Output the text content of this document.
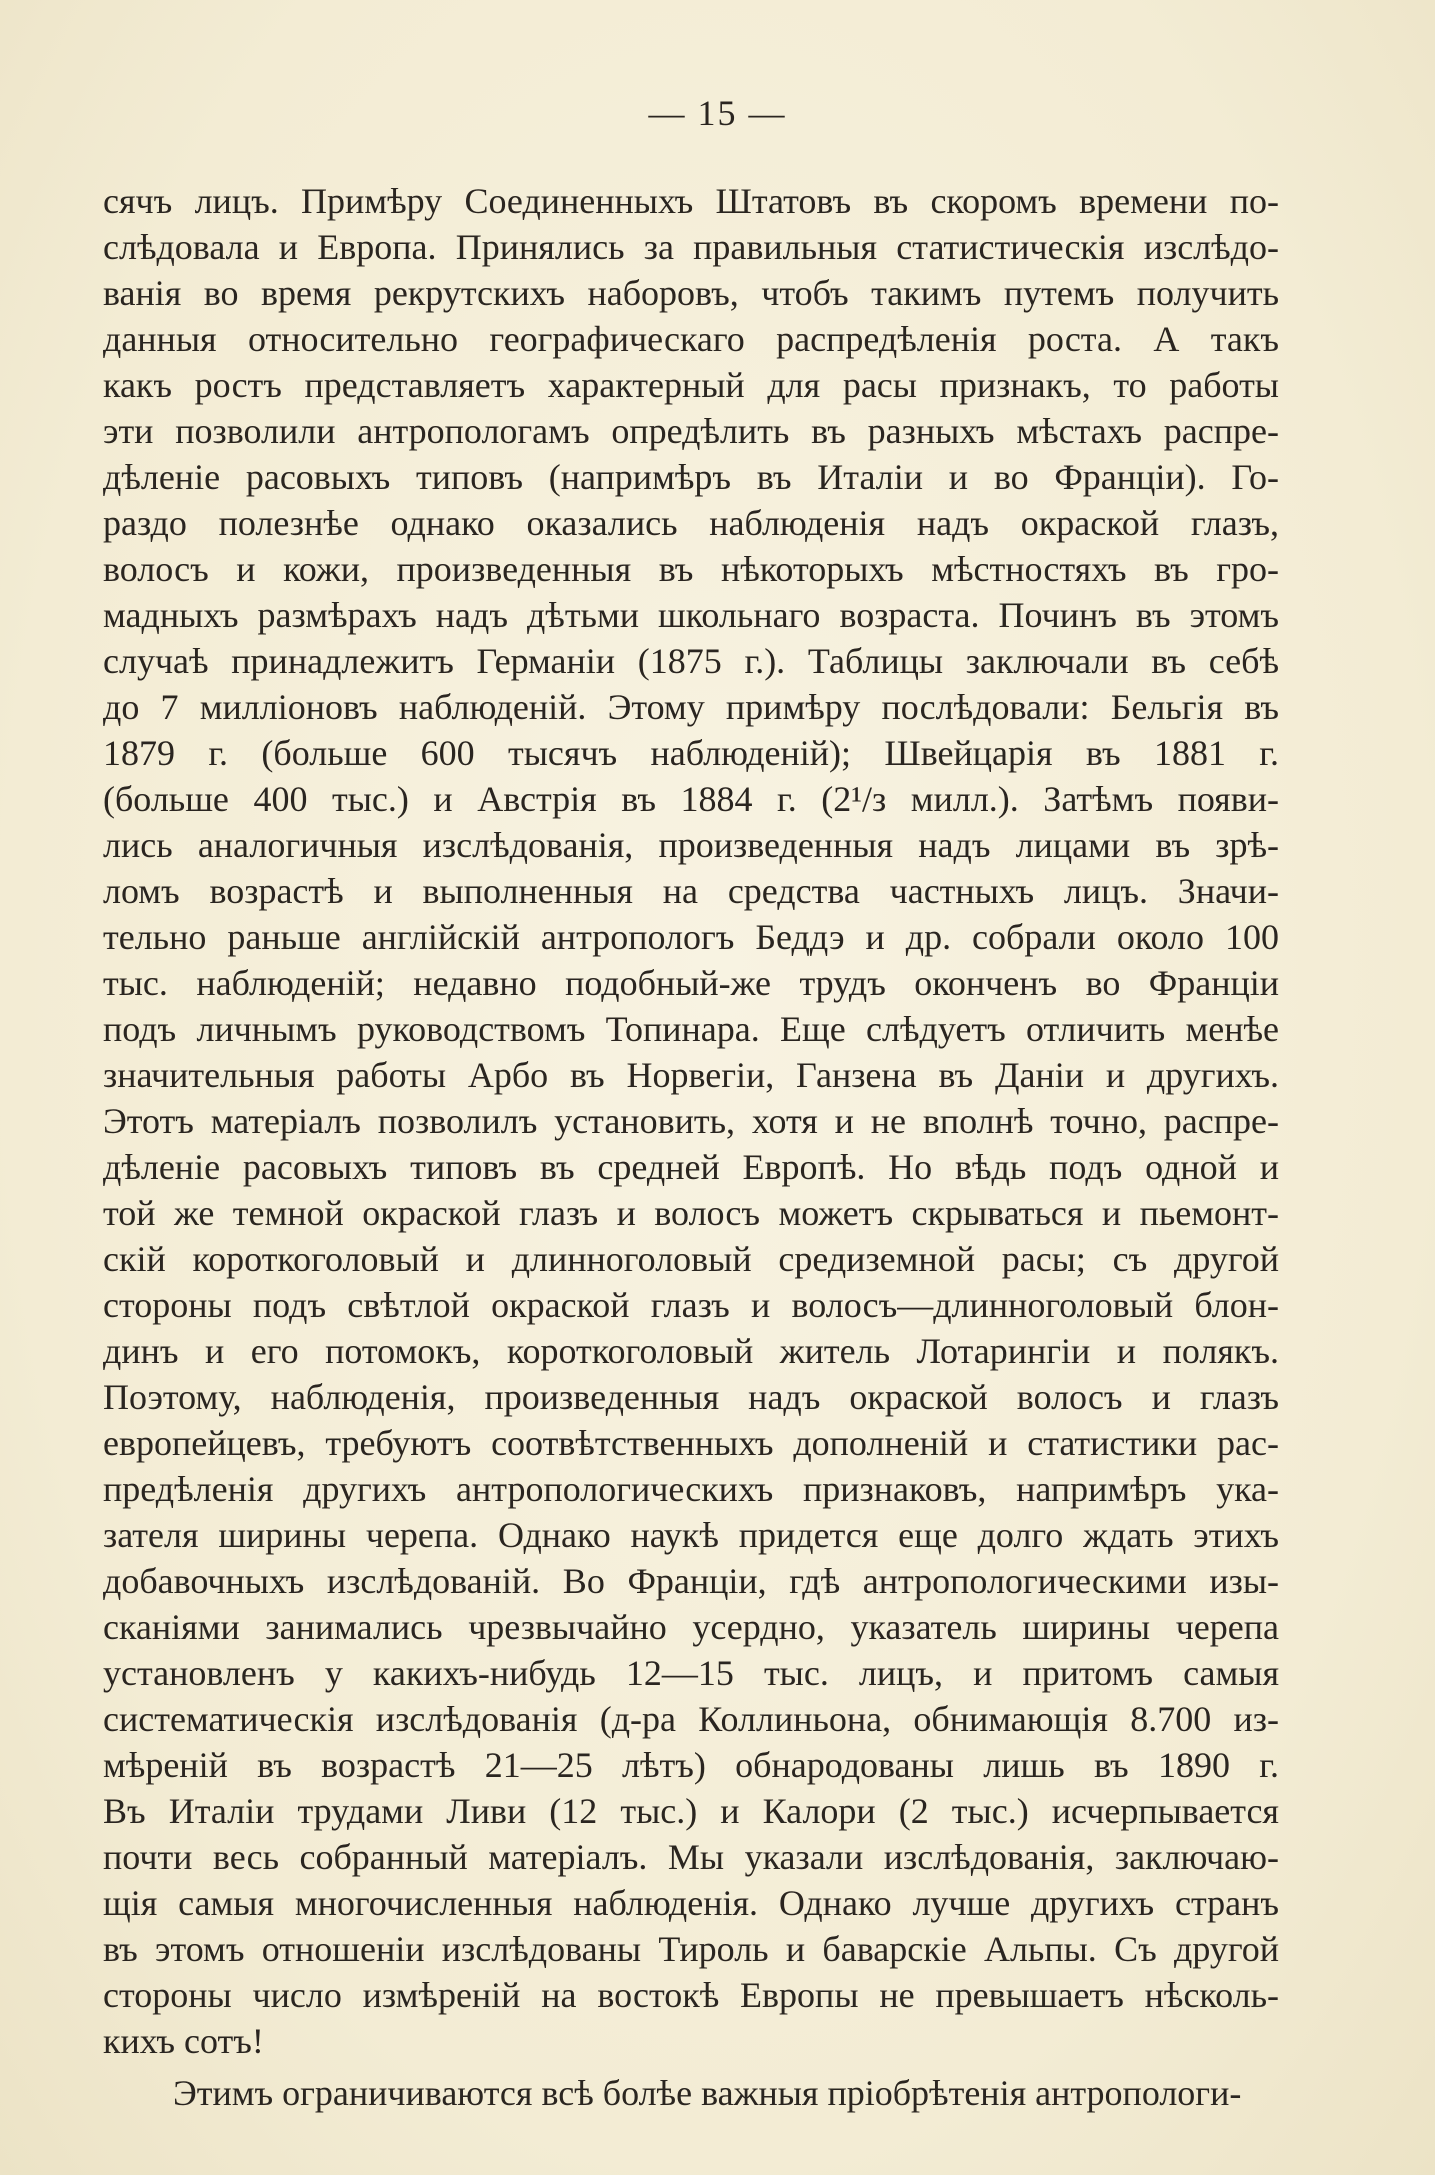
— 15 —
сячъ лицъ. Примѣру Соединенныхъ Штатовъ въ скоромъ времени по-
слѣдовала и Европа. Принялись за правильныя статистическія изслѣдо-
ванія во время рекрутскихъ наборовъ, чтобъ такимъ путемъ получить
данныя относительно географическаго распредѣленія роста. А такъ
какъ ростъ представляетъ характерный для расы признакъ, то работы
эти позволили антропологамъ опредѣлить въ разныхъ мѣстахъ распре-
дѣленіе расовыхъ типовъ (напримѣръ въ Италіи и во Франціи). Го-
раздо полезнѣе однако оказались наблюденія надъ окраской глазъ,
волосъ и кожи, произведенныя въ нѣкоторыхъ мѣстностяхъ въ гро-
мадныхъ размѣрахъ надъ дѣтьми школьнаго возраста. Починъ въ этомъ
случаѣ принадлежитъ Германіи (1875 г.). Таблицы заключали въ себѣ
до 7 милліоновъ наблюденій. Этому примѣру послѣдовали: Бельгія въ
1879 г. (больше 600 тысячъ наблюденій); Швейцарія въ 1881 г.
(больше 400 тыс.) и Австрія въ 1884 г. (2¹/з милл.). Затѣмъ появи-
лись аналогичныя изслѣдованія, произведенныя надъ лицами въ зрѣ-
ломъ возрастѣ и выполненныя на средства частныхъ лицъ. Значи-
тельно раньше англійскій антропологъ Беддэ и др. собрали около 100
тыс. наблюденій; недавно подобный-же трудъ оконченъ во Франціи
подъ личнымъ руководствомъ Топинара. Еще слѣдуетъ отличить менѣе
значительныя работы Арбо въ Норвегіи, Ганзена въ Даніи и другихъ.
Этотъ матеріалъ позволилъ установить, хотя и не вполнѣ точно, распре-
дѣленіе расовыхъ типовъ въ средней Европѣ. Но вѣдь подъ одной и
той же темной окраской глазъ и волосъ можетъ скрываться и пьемонт-
скій короткоголовый и длинноголовый средиземной расы; съ другой
стороны подъ свѣтлой окраской глазъ и волосъ—длинноголовый блон-
динъ и его потомокъ, короткоголовый житель Лотарингіи и полякъ.
Поэтому, наблюденія, произведенныя надъ окраской волосъ и глазъ
европейцевъ, требуютъ соотвѣтственныхъ дополненій и статистики рас-
предѣленія другихъ антропологическихъ признаковъ, напримѣръ ука-
зателя ширины черепа. Однако наукѣ придется еще долго ждать этихъ
добавочныхъ изслѣдованій. Во Франціи, гдѣ антропологическими изы-
сканіями занимались чрезвычайно усердно, указатель ширины черепа
установленъ у какихъ-нибудь 12—15 тыс. лицъ, и притомъ самыя
систематическія изслѣдованія (д-ра Коллиньона, обнимающія 8.700 из-
мѣреній въ возрастѣ 21—25 лѣтъ) обнародованы лишь въ 1890 г.
Въ Италіи трудами Ливи (12 тыс.) и Калори (2 тыс.) исчерпывается
почти весь собранный матеріалъ. Мы указали изслѣдованія, заключаю-
щія самыя многочисленныя наблюденія. Однако лучше другихъ странъ
въ этомъ отношеніи изслѣдованы Тироль и баварскіе Альпы. Съ другой
стороны число измѣреній на востокѣ Европы не превышаетъ нѣсколь-
кихъ сотъ!
Этимъ ограничиваются всѣ болѣе важныя пріобрѣтенія антропологи-
